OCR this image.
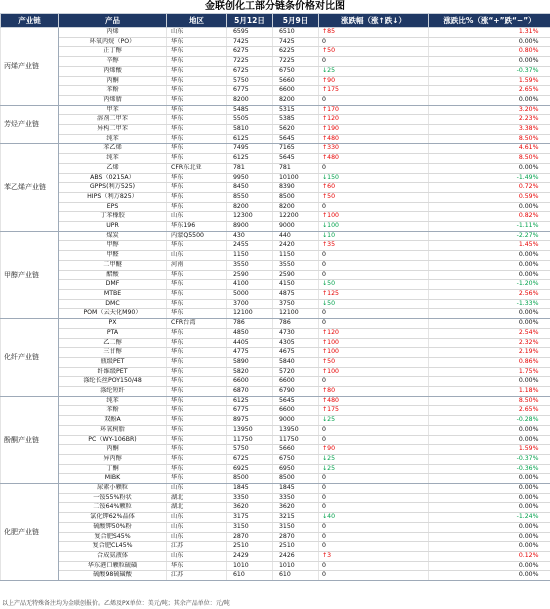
金联创化工部分链条价格对比图
产业链	产品	地区	5月12日	5月9日	涨跌幅（涨↑跌↓）	涨跌比%（涨“+”跌“−”）
丙烯产业链	丙烯	山东	6595	6510	↑85	1.31%
	环氧丙烷（PO）	华东	7425	7425	0	0.00%
	正丁醇	华东	6275	6225	↑50	0.80%
	辛醇	华东	7225	7225	0	0.00%
	丙烯酸	华东	6725	6750	↓25	-0.37%
	丙酮	华东	5750	5660	↑90	1.59%
	苯酚	华东	6775	6600	↑175	2.65%
	丙烯腈	华东	8200	8200	0	0.00%
芳烃产业链	甲苯	华东	5485	5315	↑170	3.20%
	溶剂二甲苯	华东	5505	5385	↑120	2.23%
	异构二甲苯	华东	5810	5620	↑190	3.38%
	纯苯	华东	6125	5645	↑480	8.50%
苯乙烯产业链	苯乙烯	华东	7495	7165	↑330	4.61%
	纯苯	华东	6125	5645	↑480	8.50%
	乙烯	CFR东北亚	781	781	0	0.00%
	ABS（0215A）	华东	9950	10100	↓150	-1.49%
	GPPS(利万525)	华东	8450	8390	↑60	0.72%
	HIPS（利万825）	华东	8550	8500	↑50	0.59%
	EPS	华东	8200	8200	0	0.00%
	丁苯橡胶	山东	12300	12200	↑100	0.82%
	UPR	华东196	8900	9000	↓100	-1.11%
甲醇产业链	煤炭	内蒙Q5500	430	440	↓10	-2.27%
	甲醇	华东	2455	2420	↑35	1.45%
	甲醛	山东	1150	1150	0	0.00%
	二甲醚	河南	3550	3550	0	0.00%
	醋酸	华东	2590	2590	0	0.00%
	DMF	华东	4100	4150	↓50	-1.20%
	MTBE	华东	5000	4875	↑125	2.56%
	DMC	华东	3700	3750	↓50	-1.33%
	POM（云天化M90）	华东	12100	12100	0	0.00%
化纤产业链	PX	CFR台湾	786	786	0	0.00%
	PTA	华东	4850	4730	↑120	2.54%
	乙二醇	华东	4405	4305	↑100	2.32%
	三甘醇	华东	4775	4675	↑100	2.19%
	瓶级PET	华东	5890	5840	↑50	0.86%
	纤维级PET	华东	5820	5720	↑100	1.75%
	涤纶长丝POY150/48	华东	6600	6600	0	0.00%
	涤纶短纤	华东	6870	6790	↑80	1.18%
酚酮产业链	纯苯	华东	6125	5645	↑480	8.50%
	苯酚	华东	6775	6600	↑175	2.65%
	双酚A	华东	8975	9000	↓25	-0.28%
	环氧树脂	华东	13950	13950	0	0.00%
	PC（WY-106BR)	华东	11750	11750	0	0.00%
	丙酮	华东	5750	5660	↑90	1.59%
	异丙醇	华东	6725	6750	↓25	-0.37%
	丁酮	华东	6925	6950	↓25	-0.36%
	MIBK	华东	8500	8500	0	0.00%
化肥产业链	尿素小颗粒	山东	1845	1845	0	0.00%
	一铵55%粉状	湖北	3350	3350	0	0.00%
	二铵64%颗粒	湖北	3620	3620	0	0.00%
	氯化钾62%晶体	山东	3175	3215	↓40	-1.24%
	硫酸钾50%粉	山东	3150	3150	0	0.00%
	复合肥S45%	山东	2870	2870	0	0.00%
	复合肥CL45%	江苏	2510	2510	0	0.00%
	合成氨液体	山东	2429	2426	↑3	0.12%
	华东港口颗粒硫磺	华东	1010	1010	0	0.00%
	硫酸98硫磺酸	江苏	610	610	0	0.00%
以上产品无特殊备注均为金联创报价。乙烯及PX单位：美元/吨；其余产品单位：元/吨
